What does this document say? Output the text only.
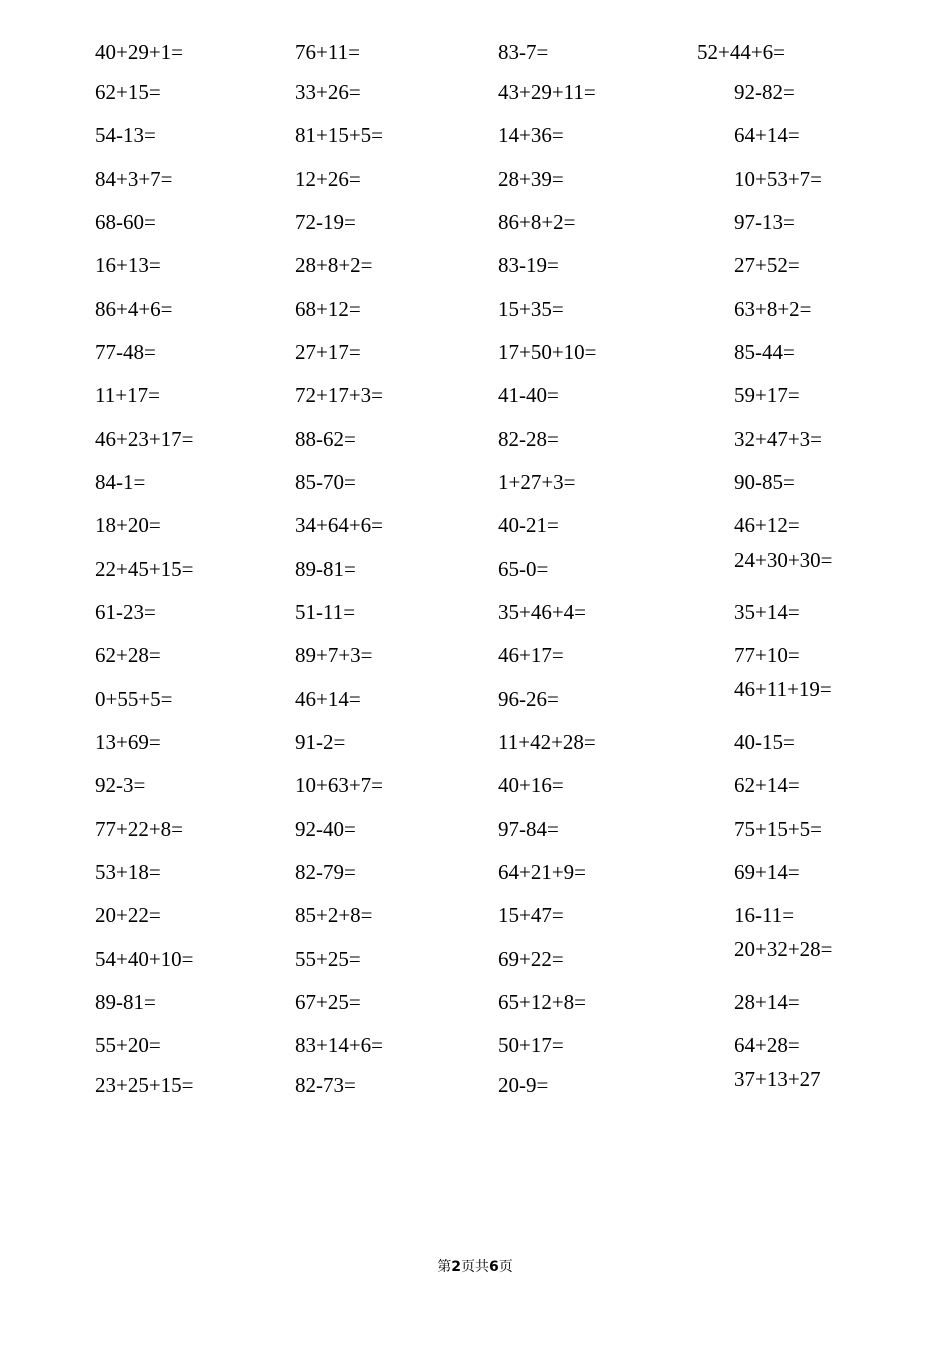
40+29+1=	76+11=	83-7=	52+44+6=

62+15=	33+26=	43+29+11=	92-82=

54-13=	81+15+5=	14+36=	64+14=

84+3+7=	12+26=	28+39=	10+53+7=

68-60=	72-19=	86+8+2=	97-13=

16+13=	28+8+2=	83-19=	27+52=

86+4+6=	68+12=	15+35=	63+8+2=

77-48=	27+17=	17+50+10=	85-44=

11+17=	72+17+3=	41-40=	59+17=

46+23+17=	88-62=	82-28=	32+47+3=

84-1=	85-70=	1+27+3=	90-85=

18+20=	34+64+6=	40-21=	46+12=

22+45+15=	89-81=	65-0=	24+30+30=

61-23=	51-11=	35+46+4=	35+14=

62+28=	89+7+3=	46+17=	77+10=

0+55+5=	46+14=	96-26=	46+11+19=

13+69=	91-2=	11+42+28=	40-15=

92-3=	10+63+7=	40+16=	62+14=

77+22+8=	92-40=	97-84=	75+15+5=

53+18=	82-79=	64+21+9=	69+14=

20+22=	85+2+8=	15+47=	16-11=

54+40+10=	55+25=	69+22=	20+32+28=

89-81=	67+25=	65+12+8=	28+14=

55+20=	83+14+6=	50+17=	64+28=

23+25+15=	82-73=	20-9=	37+13+27

第2页共6页
